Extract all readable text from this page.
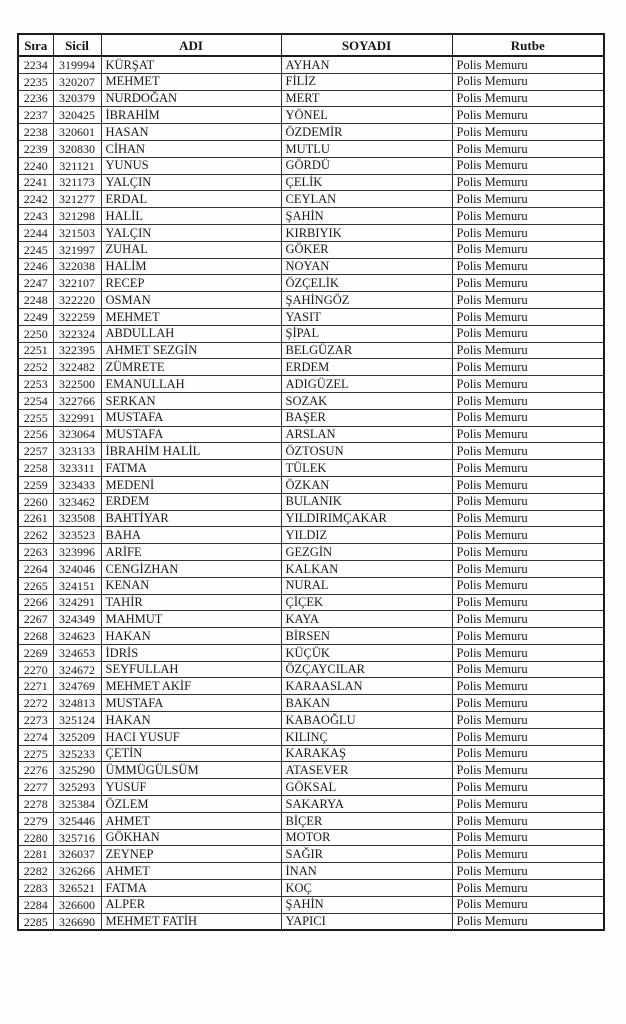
Sıra	Sicil	ADI	SOYADI	Rutbe
2234	319994	KÜRŞAT	AYHAN	Polis Memuru
2235	320207	MEHMET	FİLİZ	Polis Memuru
2236	320379	NURDOĞAN	MERT	Polis Memuru
2237	320425	İBRAHİM	YÖNEL	Polis Memuru
2238	320601	HASAN	ÖZDEMİR	Polis Memuru
2239	320830	CİHAN	MUTLU	Polis Memuru
2240	321121	YUNUS	GÖRDÜ	Polis Memuru
2241	321173	YALÇIN	ÇELİK	Polis Memuru
2242	321277	ERDAL	CEYLAN	Polis Memuru
2243	321298	HALİL	ŞAHİN	Polis Memuru
2244	321503	YALÇIN	KIRBIYIK	Polis Memuru
2245	321997	ZUHAL	GÖKER	Polis Memuru
2246	322038	HALİM	NOYAN	Polis Memuru
2247	322107	RECEP	ÖZÇELİK	Polis Memuru
2248	322220	OSMAN	ŞAHİNGÖZ	Polis Memuru
2249	322259	MEHMET	YASIT	Polis Memuru
2250	322324	ABDULLAH	ŞİPAL	Polis Memuru
2251	322395	AHMET SEZGİN	BELGÜZAR	Polis Memuru
2252	322482	ZÜMRETE	ERDEM	Polis Memuru
2253	322500	EMANULLAH	ADIGÜZEL	Polis Memuru
2254	322766	SERKAN	SOZAK	Polis Memuru
2255	322991	MUSTAFA	BAŞER	Polis Memuru
2256	323064	MUSTAFA	ARSLAN	Polis Memuru
2257	323133	İBRAHİM HALİL	ÖZTOSUN	Polis Memuru
2258	323311	FATMA	TÜLEK	Polis Memuru
2259	323433	MEDENİ	ÖZKAN	Polis Memuru
2260	323462	ERDEM	BULANIK	Polis Memuru
2261	323508	BAHTİYAR	YILDIRIMÇAKAR	Polis Memuru
2262	323523	BAHA	YILDIZ	Polis Memuru
2263	323996	ARİFE	GEZGİN	Polis Memuru
2264	324046	CENGİZHAN	KALKAN	Polis Memuru
2265	324151	KENAN	NURAL	Polis Memuru
2266	324291	TAHİR	ÇİÇEK	Polis Memuru
2267	324349	MAHMUT	KAYA	Polis Memuru
2268	324623	HAKAN	BİRSEN	Polis Memuru
2269	324653	İDRİS	KÜÇÜK	Polis Memuru
2270	324672	SEYFULLAH	ÖZÇAYCILAR	Polis Memuru
2271	324769	MEHMET AKİF	KARAASLAN	Polis Memuru
2272	324813	MUSTAFA	BAKAN	Polis Memuru
2273	325124	HAKAN	KABAOĞLU	Polis Memuru
2274	325209	HACI YUSUF	KILINÇ	Polis Memuru
2275	325233	ÇETİN	KARAKAŞ	Polis Memuru
2276	325290	ÜMMÜGÜLSÜM	ATASEVER	Polis Memuru
2277	325293	YUSUF	GÖKSAL	Polis Memuru
2278	325384	ÖZLEM	SAKARYA	Polis Memuru
2279	325446	AHMET	BİÇER	Polis Memuru
2280	325716	GÖKHAN	MOTOR	Polis Memuru
2281	326037	ZEYNEP	SAĞIR	Polis Memuru
2282	326266	AHMET	İNAN	Polis Memuru
2283	326521	FATMA	KOÇ	Polis Memuru
2284	326600	ALPER	ŞAHİN	Polis Memuru
2285	326690	MEHMET FATİH	YAPICI	Polis Memuru
